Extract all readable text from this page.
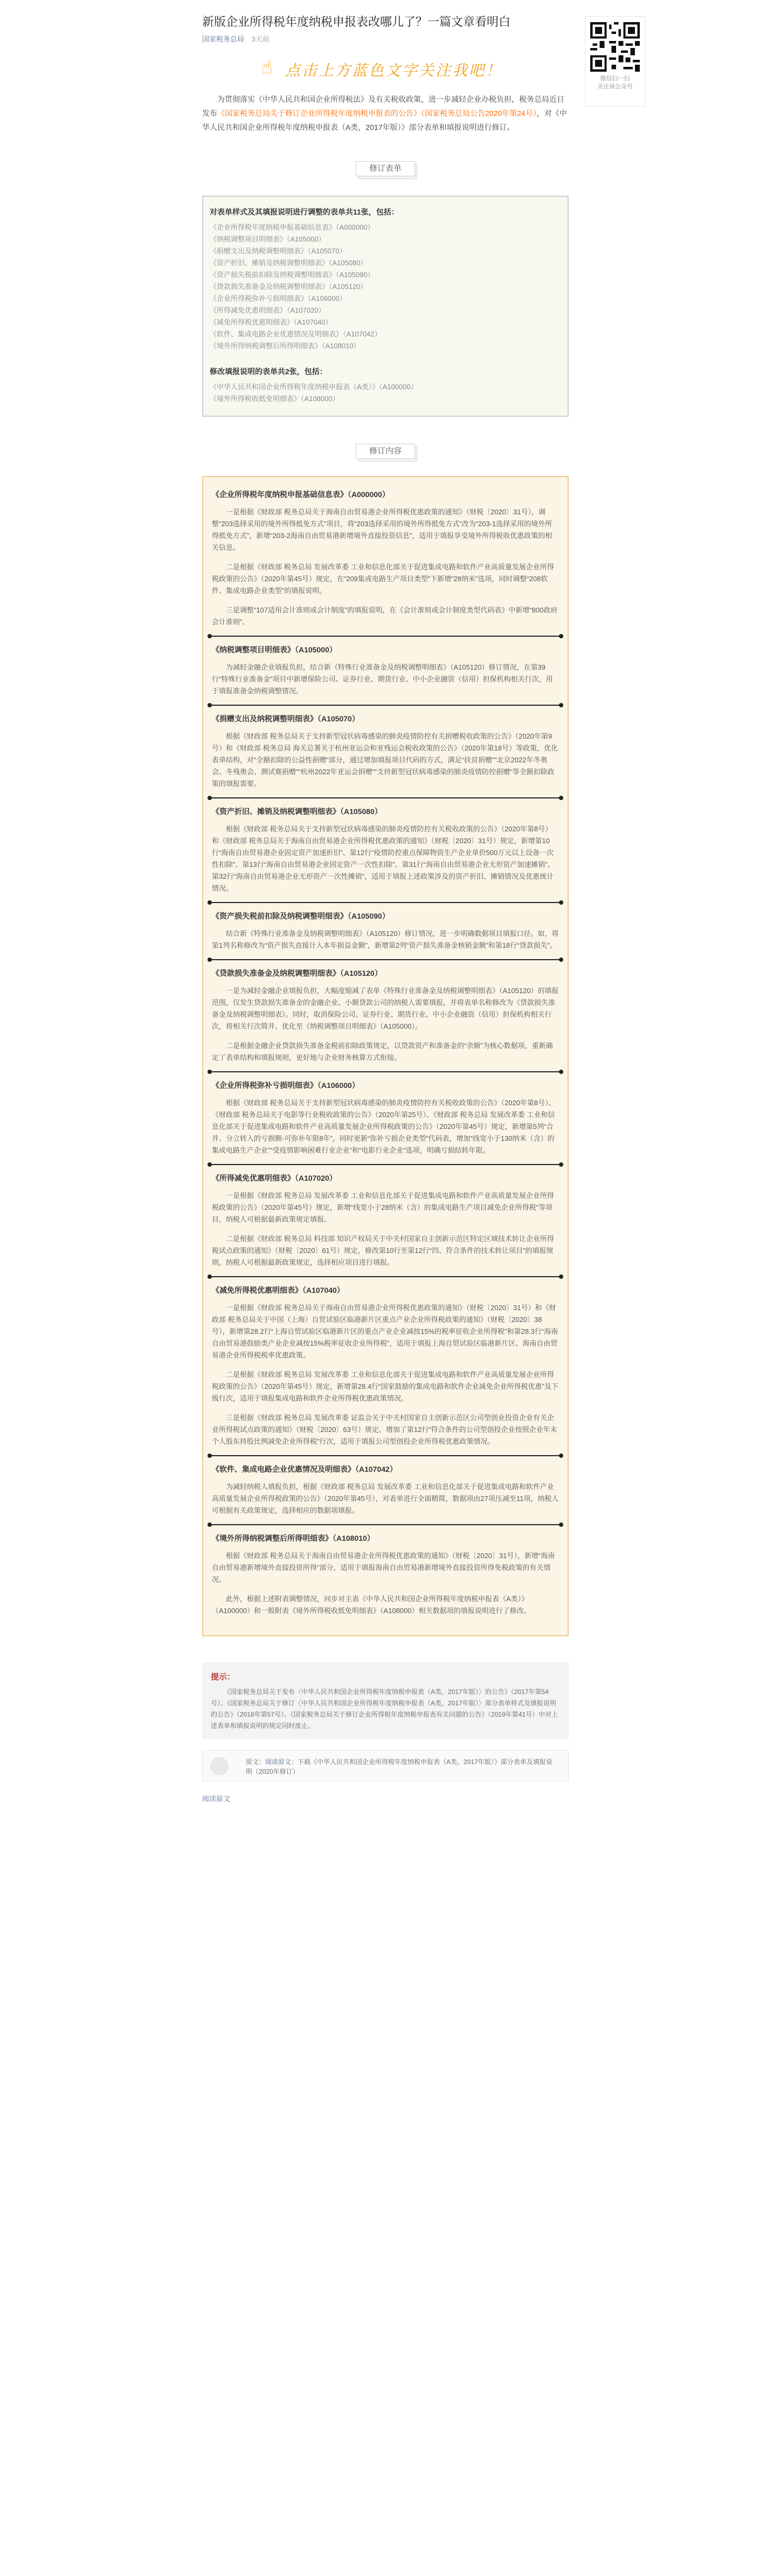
新版企业所得税年度纳税申报表改哪儿了？一篇文章看明白
国家税务总局 3天前
☝ 点击上方蓝色文字关注我吧！
为贯彻落实《中华人民共和国企业所得税法》及有关税收政策，进一步减轻企业办税负担，税务总局近日发布《国家税务总局关于修订企业所得税年度纳税申报表的公告》（国家税务总局公告2020年第24号），对《中华人民共和国企业所得税年度纳税申报表（A类，2017年版）》部分表单和填报说明进行修订。
修订表单
对表单样式及其填报说明进行调整的表单共11张，包括：
《企业所得税年度纳税申报基础信息表》（A000000）
《纳税调整项目明细表》（A105000）
《捐赠支出及纳税调整明细表》（A105070）
《资产折旧、摊销及纳税调整明细表》（A105080）
《资产损失税前扣除及纳税调整明细表》（A105090）
《贷款损失准备金及纳税调整明细表》（A105120）
《企业所得税弥补亏损明细表》（A106000）
《所得减免优惠明细表》（A107020）
《减免所得税优惠明细表》（A107040）
《软件、集成电路企业优惠情况及明细表》（A107042）
《境外所得纳税调整后所得明细表》（A108010）
修改填报说明的表单共2张，包括：
《中华人民共和国企业所得税年度纳税申报表（A类）》（A100000）
《境外所得税收抵免明细表》（A108000）
修订内容
《企业所得税年度纳税申报基础信息表》（A000000）

一是根据《财政部 税务总局关于海南自由贸易港企业所得税优惠政策的通知》（财税〔2020〕31号），调整“203选择采用的境外所得抵免方式”项目，将“203选择采用的境外所得抵免方式”改为“203-1选择采用的境外所得抵免方式”，新增“203-2海南自由贸易港新增境外直接投资信息”，适用于填报享受境外所得税收优惠政策的相关信息。

二是根据《财政部 税务总局 发展改革委 工业和信息化部关于促进集成电路和软件产业高质量发展企业所得税政策的公告》（2020年第45号）规定，在“209集成电路生产项目类型”下新增“28纳米”选项，同时调整“208软件、集成电路企业类型”的填报说明。

三是调整“107适用会计准则或会计制度”的填报说明，在《会计准则或会计制度类型代码表》中新增“800政府会计准则”。

《纳税调整项目明细表》（A105000）

为减轻金融企业填报负担，结合新《特殊行业准备金及纳税调整明细表》（A105120）修订情况，在第39行“特殊行业准备金”项目中新增保险公司、证券行业、期货行业、中小企业融资（信用）担保机构相关行次，用于填报准备金纳税调整情况。

《捐赠支出及纳税调整明细表》（A105070）

根据《财政部 税务总局关于支持新型冠状病毒感染的肺炎疫情防控有关捐赠税收政策的公告》（2020年第9号）和《财政部 税务总局 海关总署关于杭州亚运会和亚残运会税收政策的公告》（2020年第18号）等政策，优化表单结构，对“全额扣除的公益性捐赠”部分，通过增加填报项目代码的方式，满足“扶贫捐赠”“北京2022年冬奥会、冬残奥会、测试赛捐赠”“杭州2022年亚运会捐赠”“支持新型冠状病毒感染的肺炎疫情防控捐赠”等全额扣除政策的填报需要。

《资产折旧、摊销及纳税调整明细表》（A105080）

根据《财政部 税务总局关于支持新型冠状病毒感染的肺炎疫情防控有关税收政策的公告》（2020年第8号）和《财政部 税务总局关于海南自由贸易港企业所得税优惠政策的通知》（财税〔2020〕31号）规定，新增第10行“海南自由贸易港企业固定资产加速折旧”、第12行“疫情防控重点保障物资生产企业单价500万元以上设备一次性扣除”、第13行“海南自由贸易港企业固定资产一次性扣除”、第31行“海南自由贸易港企业无形资产加速摊销”、第32行“海南自由贸易港企业无形资产一次性摊销”，适用于填报上述政策涉及的资产折旧、摊销情况及优惠统计情况。

《资产损失税前扣除及纳税调整明细表》（A105090）

结合新《特殊行业准备金及纳税调整明细表》（A105120）修订情况，进一步明确数据项目填报口径。如，将第1列名称修改为“资产损失直接计入本年损益金额”，新增第2列“资产损失准备金核销金额”和第18行“贷款损失”。

《贷款损失准备金及纳税调整明细表》（A105120）

一是为减轻金融企业填报负担，大幅度缩减了表单《特殊行业准备金及纳税调整明细表》（A105120）的填报范围，仅发生贷款损失准备金的金融企业、小额贷款公司的纳税人需要填报，并将表单名称修改为《贷款损失准备金及纳税调整明细表》。同时，取消保险公司、证券行业、期货行业、中小企业融资（信用）担保机构相关行次，将相关行次简并、优化至《纳税调整项目明细表》（A105000）。

二是根据金融企业贷款损失准备金税前扣除政策规定，以贷款资产和准备金的“余额”为核心数据项，重新确定了表单结构和填报规则，更好地与企业财务核算方式衔接。

《企业所得税弥补亏损明细表》（A106000）

根据《财政部 税务总局关于支持新型冠状病毒感染的肺炎疫情防控有关税收政策的公告》（2020年第8号）、《财政部 税务总局关于电影等行业税收政策的公告》（2020年第25号）、《财政部 税务总局 发展改革委 工业和信息化部关于促进集成电路和软件产业高质量发展企业所得税政策的公告》（2020年第45号）规定，新增第5列“合并、分立转入的亏损额-可弥补年限8年”，同时更新“弥补亏损企业类型”代码表，增加“线宽小于130纳米（含）的集成电路生产企业”“受疫情影响困难行业企业”和“电影行业企业”选项，明确亏损结转年限。

《所得减免优惠明细表》（A107020）

一是根据《财政部 税务总局 发展改革委 工业和信息化部关于促进集成电路和软件产业高质量发展企业所得税政策的公告》（2020年第45号）规定，新增“线宽小于28纳米（含）的集成电路生产项目减免企业所得税”等项目，纳税人可根据最新政策规定填报。

二是根据《财政部 税务总局 科技部 知识产权局关于中关村国家自主创新示范区特定区域技术转让企业所得税试点政策的通知》（财税〔2020〕61号）规定，修改第10行至第12行“四、符合条件的技术转让项目”的填报规则，纳税人可根据最新政策规定，选择相应项目进行填报。

《减免所得税优惠明细表》（A107040）

一是根据《财政部 税务总局关于海南自由贸易港企业所得税优惠政策的通知》（财税〔2020〕31号）和《财政部 税务总局关于中国（上海）自贸试验区临港新片区重点产业企业所得税政策的通知》（财税〔2020〕38号），新增第28.2行“上海自贸试验区临港新片区的重点产业企业减按15%的税率征收企业所得税”和第28.3行“海南自由贸易港鼓励类产业企业减按15%税率征收企业所得税”，适用于填报上海自贸试验区临港新片区、海南自由贸易港企业所得税税率优惠政策。

二是根据《财政部 税务总局 发展改革委 工业和信息化部关于促进集成电路和软件产业高质量发展企业所得税政策的公告》（2020年第45号）规定，新增第28.4行“国家鼓励的集成电路和软件企业减免企业所得税优惠”及下级行次，适用于填报集成电路和软件企业所得税优惠政策情况。

三是根据《财政部 税务总局 发展改革委 证监会关于中关村国家自主创新示范区公司型创业投资企业有关企业所得税试点政策的通知》（财税〔2020〕63号）规定，增加了第12行“符合条件的公司型创投企业按照企业年末个人股东持股比例减免企业所得税”行次，适用于填报公司型创投企业所得税优惠政策情况。

《软件、集成电路企业优惠情况及明细表》（A107042）

为减轻纳税人填报负担，根据《财政部 税务总局 发展改革委 工业和信息化部关于促进集成电路和软件产业高质量发展企业所得税政策的公告》（2020年第45号），对表单进行全面精简，数据项由27项压减至11项，纳税人可根据有关政策规定，选择相应的数据项填报。

《境外所得纳税调整后所得明细表》（A108010）

根据《财政部 税务总局关于海南自由贸易港企业所得税优惠政策的通知》（财税〔2020〕31号），新增“海南自由贸易港新增境外直接投资所得”部分，适用于填报海南自由贸易港新增境外直接投资所得免税政策的有关情况。

此外，根据上述附表调整情况，同步对主表《中华人民共和国企业所得税年度纳税申报表（A类）》（A100000）和一般附表《境外所得税收抵免明细表》（A108000）相关数据项的填报说明进行了修改。

提示：

《国家税务总局关于发布〈中华人民共和国企业所得税年度纳税申报表（A类，2017年版）〉的公告》（2017年第54号）、《国家税务总局关于修订〈中华人民共和国企业所得税年度纳税申报表（A类，2017年版）〉部分表单样式及填报说明的公告》（2018年第57号）、《国家税务总局关于修订企业所得税年度纳税申报表有关问题的公告》（2019年第41号）中对上述表单和填报说明的规定同时废止。

原文：阅读原文：下载《中华人民共和国企业所得税年度纳税申报表（A类，2017年版）》部分表单及填报说明（2020年修订）
阅读原文
微信扫一扫
关注该公众号
